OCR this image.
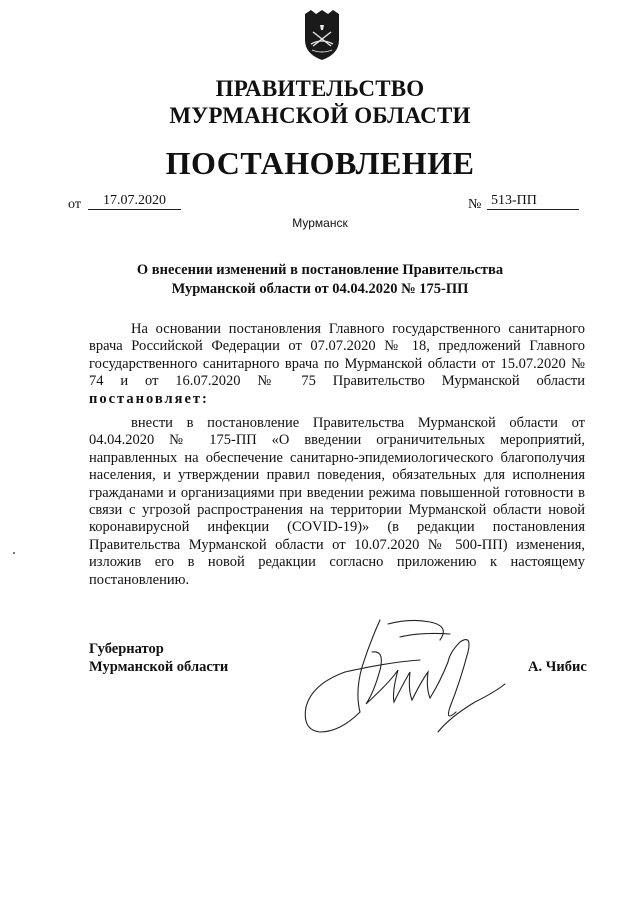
ПРАВИТЕЛЬСТВО
МУРМАНСКОЙ ОБЛАСТИ
ПОСТАНОВЛЕНИЕ
от	17.07.2020	№ 513-ПП
Мурманск
О внесении изменений в постановление Правительства
Мурманской области от 04.04.2020 № 175-ПП
На основании постановления Главного государственного санитарного врача Российской Федерации от 07.07.2020 № 18, предложений Главного государственного санитарного врача по Мурманской области от 15.07.2020 № 74 и от 16.07.2020 № 75 Правительство Мурманской области постановляет:
внести в постановление Правительства Мурманской области от 04.04.2020 № 175-ПП «О введении ограничительных мероприятий, направленных на обеспечение санитарно-эпидемиологического благополучия населения, и утверждении правил поведения, обязательных для исполнения гражданами и организациями при введении режима повышенной готовности в связи с угрозой распространения на территории Мурманской области новой коронавирусной инфекции (COVID-19)» (в редакции постановления Правительства Мурманской области от 10.07.2020 № 500-ПП) изменения, изложив его в новой редакции согласно приложению к настоящему постановлению.
Губернатор
Мурманской области	А. Чибис
